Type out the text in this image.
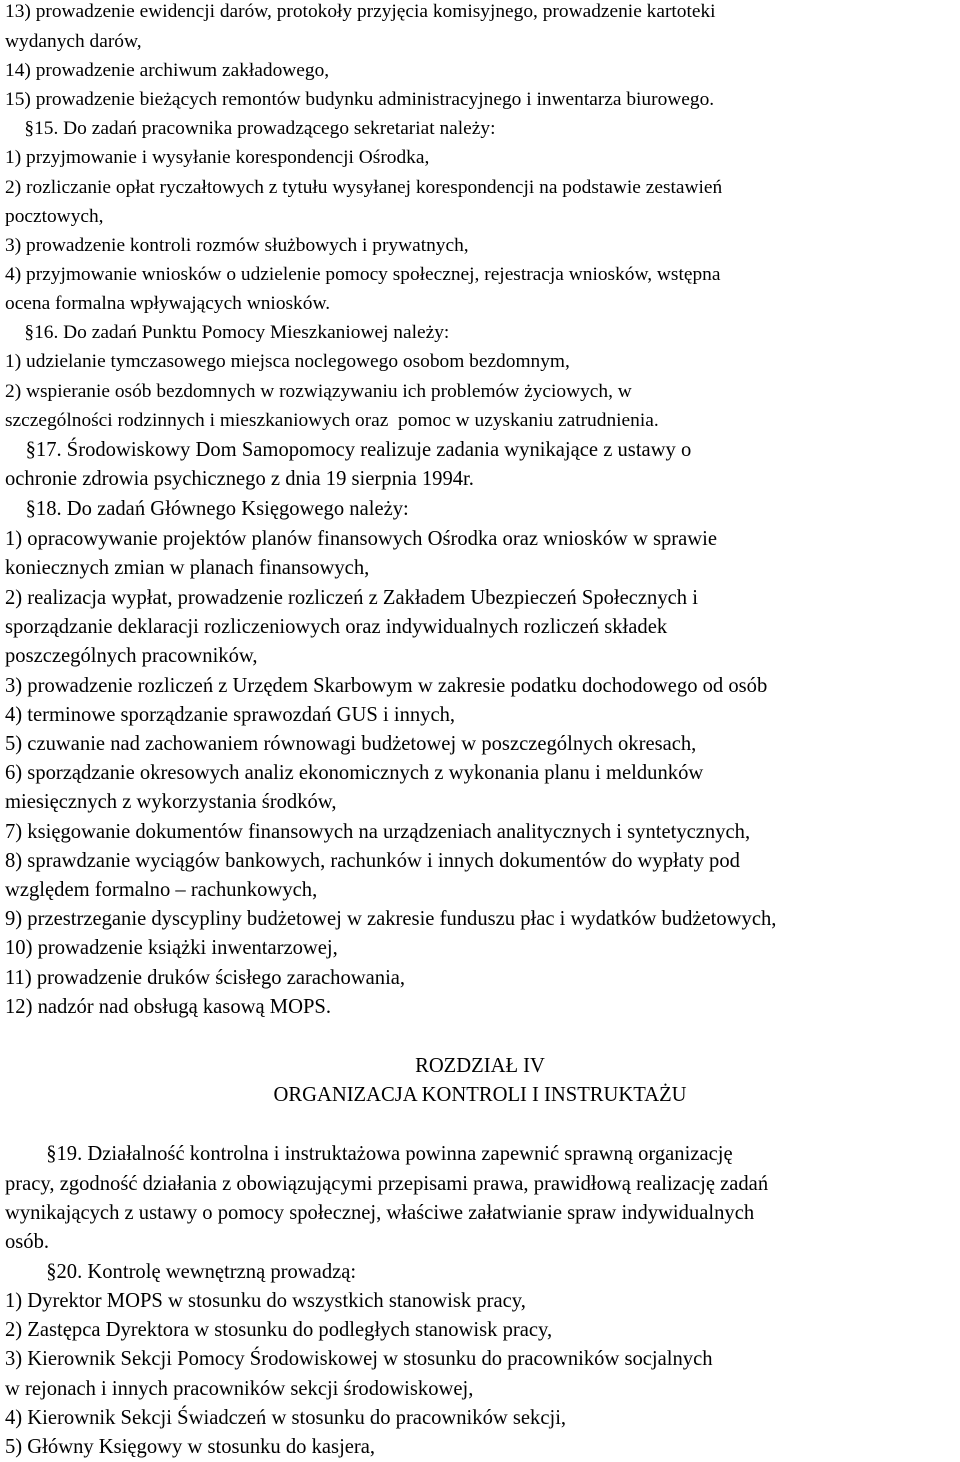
13) prowadzenie ewidencji darów, protokoły przyjęcia komisyjnego, prowadzenie kartoteki
wydanych darów,
14) prowadzenie archiwum zakładowego,
15) prowadzenie bieżących remontów budynku administracyjnego i inwentarza biurowego.
§15. Do zadań pracownika prowadzącego sekretariat należy:
1) przyjmowanie i wysyłanie korespondencji Ośrodka,
2) rozliczanie opłat ryczałtowych z tytułu wysyłanej korespondencji na podstawie zestawień
pocztowych,
3) prowadzenie kontroli rozmów służbowych i prywatnych,
4) przyjmowanie wniosków o udzielenie pomocy społecznej, rejestracja wniosków, wstępna
ocena formalna wpływających wniosków.
§16. Do zadań Punktu Pomocy Mieszkaniowej należy:
1) udzielanie tymczasowego miejsca noclegowego osobom bezdomnym,
2) wspieranie osób bezdomnych w rozwiązywaniu ich problemów życiowych, w
szczególności rodzinnych i mieszkaniowych oraz  pomoc w uzyskaniu zatrudnienia.
§17. Środowiskowy Dom Samopomocy realizuje zadania wynikające z ustawy o
ochronie zdrowia psychicznego z dnia 19 sierpnia 1994r.
§18. Do zadań Głównego Księgowego należy:
1) opracowywanie projektów planów finansowych Ośrodka oraz wniosków w sprawie
koniecznych zmian w planach finansowych,
2) realizacja wypłat, prowadzenie rozliczeń z Zakładem Ubezpieczeń Społecznych i
sporządzanie deklaracji rozliczeniowych oraz indywidualnych rozliczeń składek
poszczególnych pracowników,
3) prowadzenie rozliczeń z Urzędem Skarbowym w zakresie podatku dochodowego od osób
4) terminowe sporządzanie sprawozdań GUS i innych,
5) czuwanie nad zachowaniem równowagi budżetowej w poszczególnych okresach,
6) sporządzanie okresowych analiz ekonomicznych z wykonania planu i meldunków
miesięcznych z wykorzystania środków,
7) księgowanie dokumentów finansowych na urządzeniach analitycznych i syntetycznych,
8) sprawdzanie wyciągów bankowych, rachunków i innych dokumentów do wypłaty pod
względem formalno – rachunkowych,
9) przestrzeganie dyscypliny budżetowej w zakresie funduszu płac i wydatków budżetowych,
10) prowadzenie książki inwentarzowej,
11) prowadzenie druków ścisłego zarachowania,
12) nadzór nad obsługą kasową MOPS.
ROZDZIAŁ IV
ORGANIZACJA KONTROLI I INSTRUKTAŻU
§19. Działalność kontrolna i instruktażowa powinna zapewnić sprawną organizację
pracy, zgodność działania z obowiązującymi przepisami prawa, prawidłową realizację zadań
wynikających z ustawy o pomocy społecznej, właściwe załatwianie spraw indywidualnych
osób.
§20. Kontrolę wewnętrzną prowadzą:
1) Dyrektor MOPS w stosunku do wszystkich stanowisk pracy,
2) Zastępca Dyrektora w stosunku do podległych stanowisk pracy,
3) Kierownik Sekcji Pomocy Środowiskowej w stosunku do pracowników socjalnych
w rejonach i innych pracowników sekcji środowiskowej,
4) Kierownik Sekcji Świadczeń w stosunku do pracowników sekcji,
5) Główny Księgowy w stosunku do kasjera,
